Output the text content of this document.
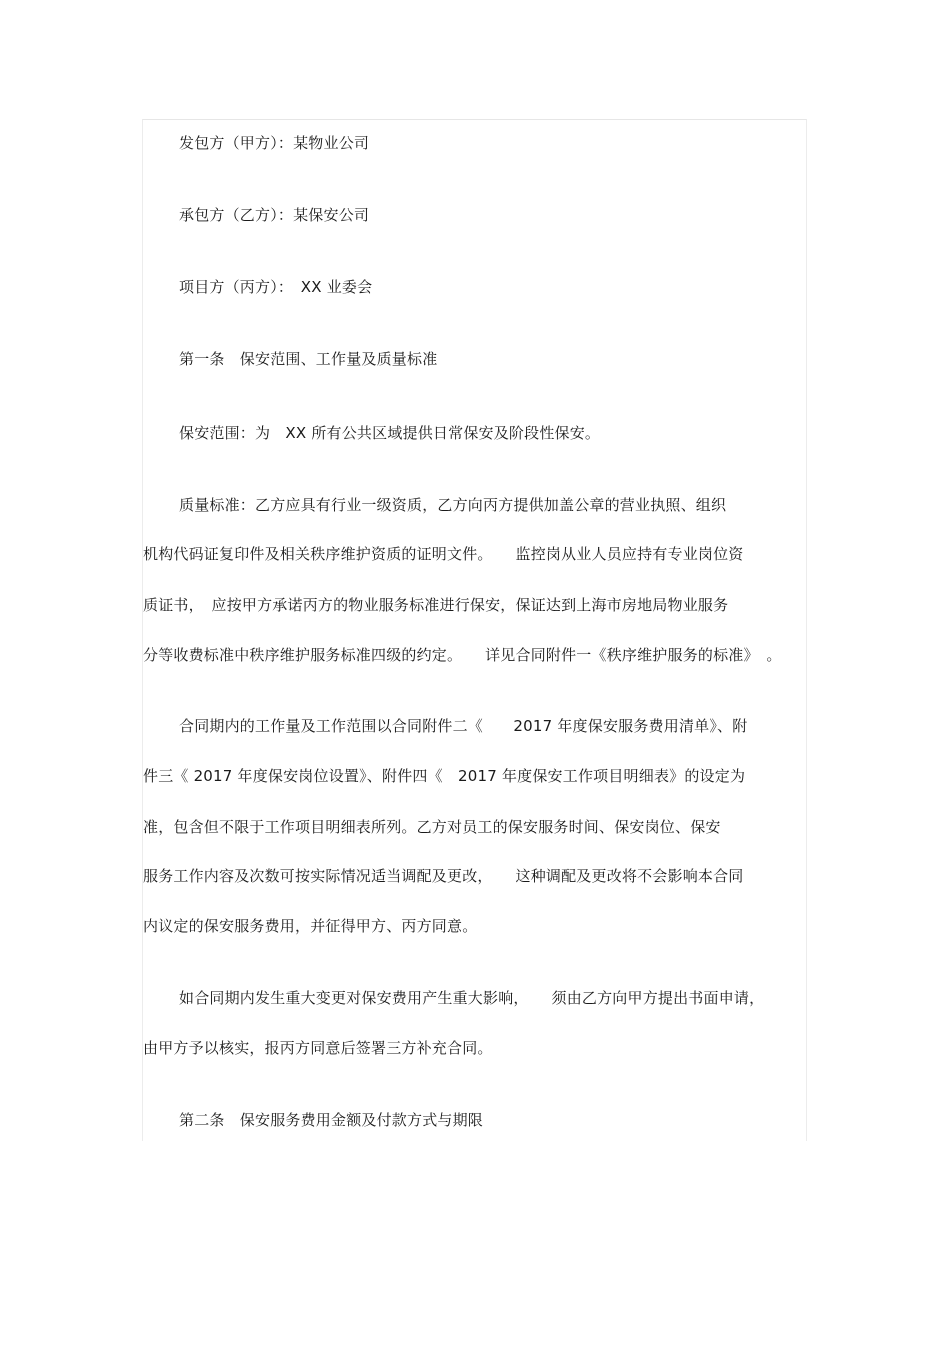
发包方（甲方）：某物业公司
承包方（乙方）：某保安公司
项目方（丙方）：　XX 业委会
第一条　保安范围、工作量及质量标准
保安范围：为　XX 所有公共区域提供日常保安及阶段性保安。
质量标准：乙方应具有行业一级资质，乙方向丙方提供加盖公章的营业执照、组织
机构代码证复印件及相关秩序维护资质的证明文件。　　监控岗从业人员应持有专业岗位资
质证书，　应按甲方承诺丙方的物业服务标准进行保安，保证达到上海市房地局物业服务
分等收费标准中秩序维护服务标准四级的约定。　　详见合同附件一《秩序维护服务的标准》　。
合同期内的工作量及工作范围以合同附件二《　　2017 年度保安服务费用清单》、附
件三《 2017 年度保安岗位设置》、附件四《　2017 年度保安工作项目明细表》的设定为
准，包含但不限于工作项目明细表所列。乙方对员工的保安服务时间、保安岗位、保安
服务工作内容及次数可按实际情况适当调配及更改，　　这种调配及更改将不会影响本合同
内议定的保安服务费用，并征得甲方、丙方同意。
如合同期内发生重大变更对保安费用产生重大影响，　　须由乙方向甲方提出书面申请，
由甲方予以核实，报丙方同意后签署三方补充合同。
第二条　保安服务费用金额及付款方式与期限
